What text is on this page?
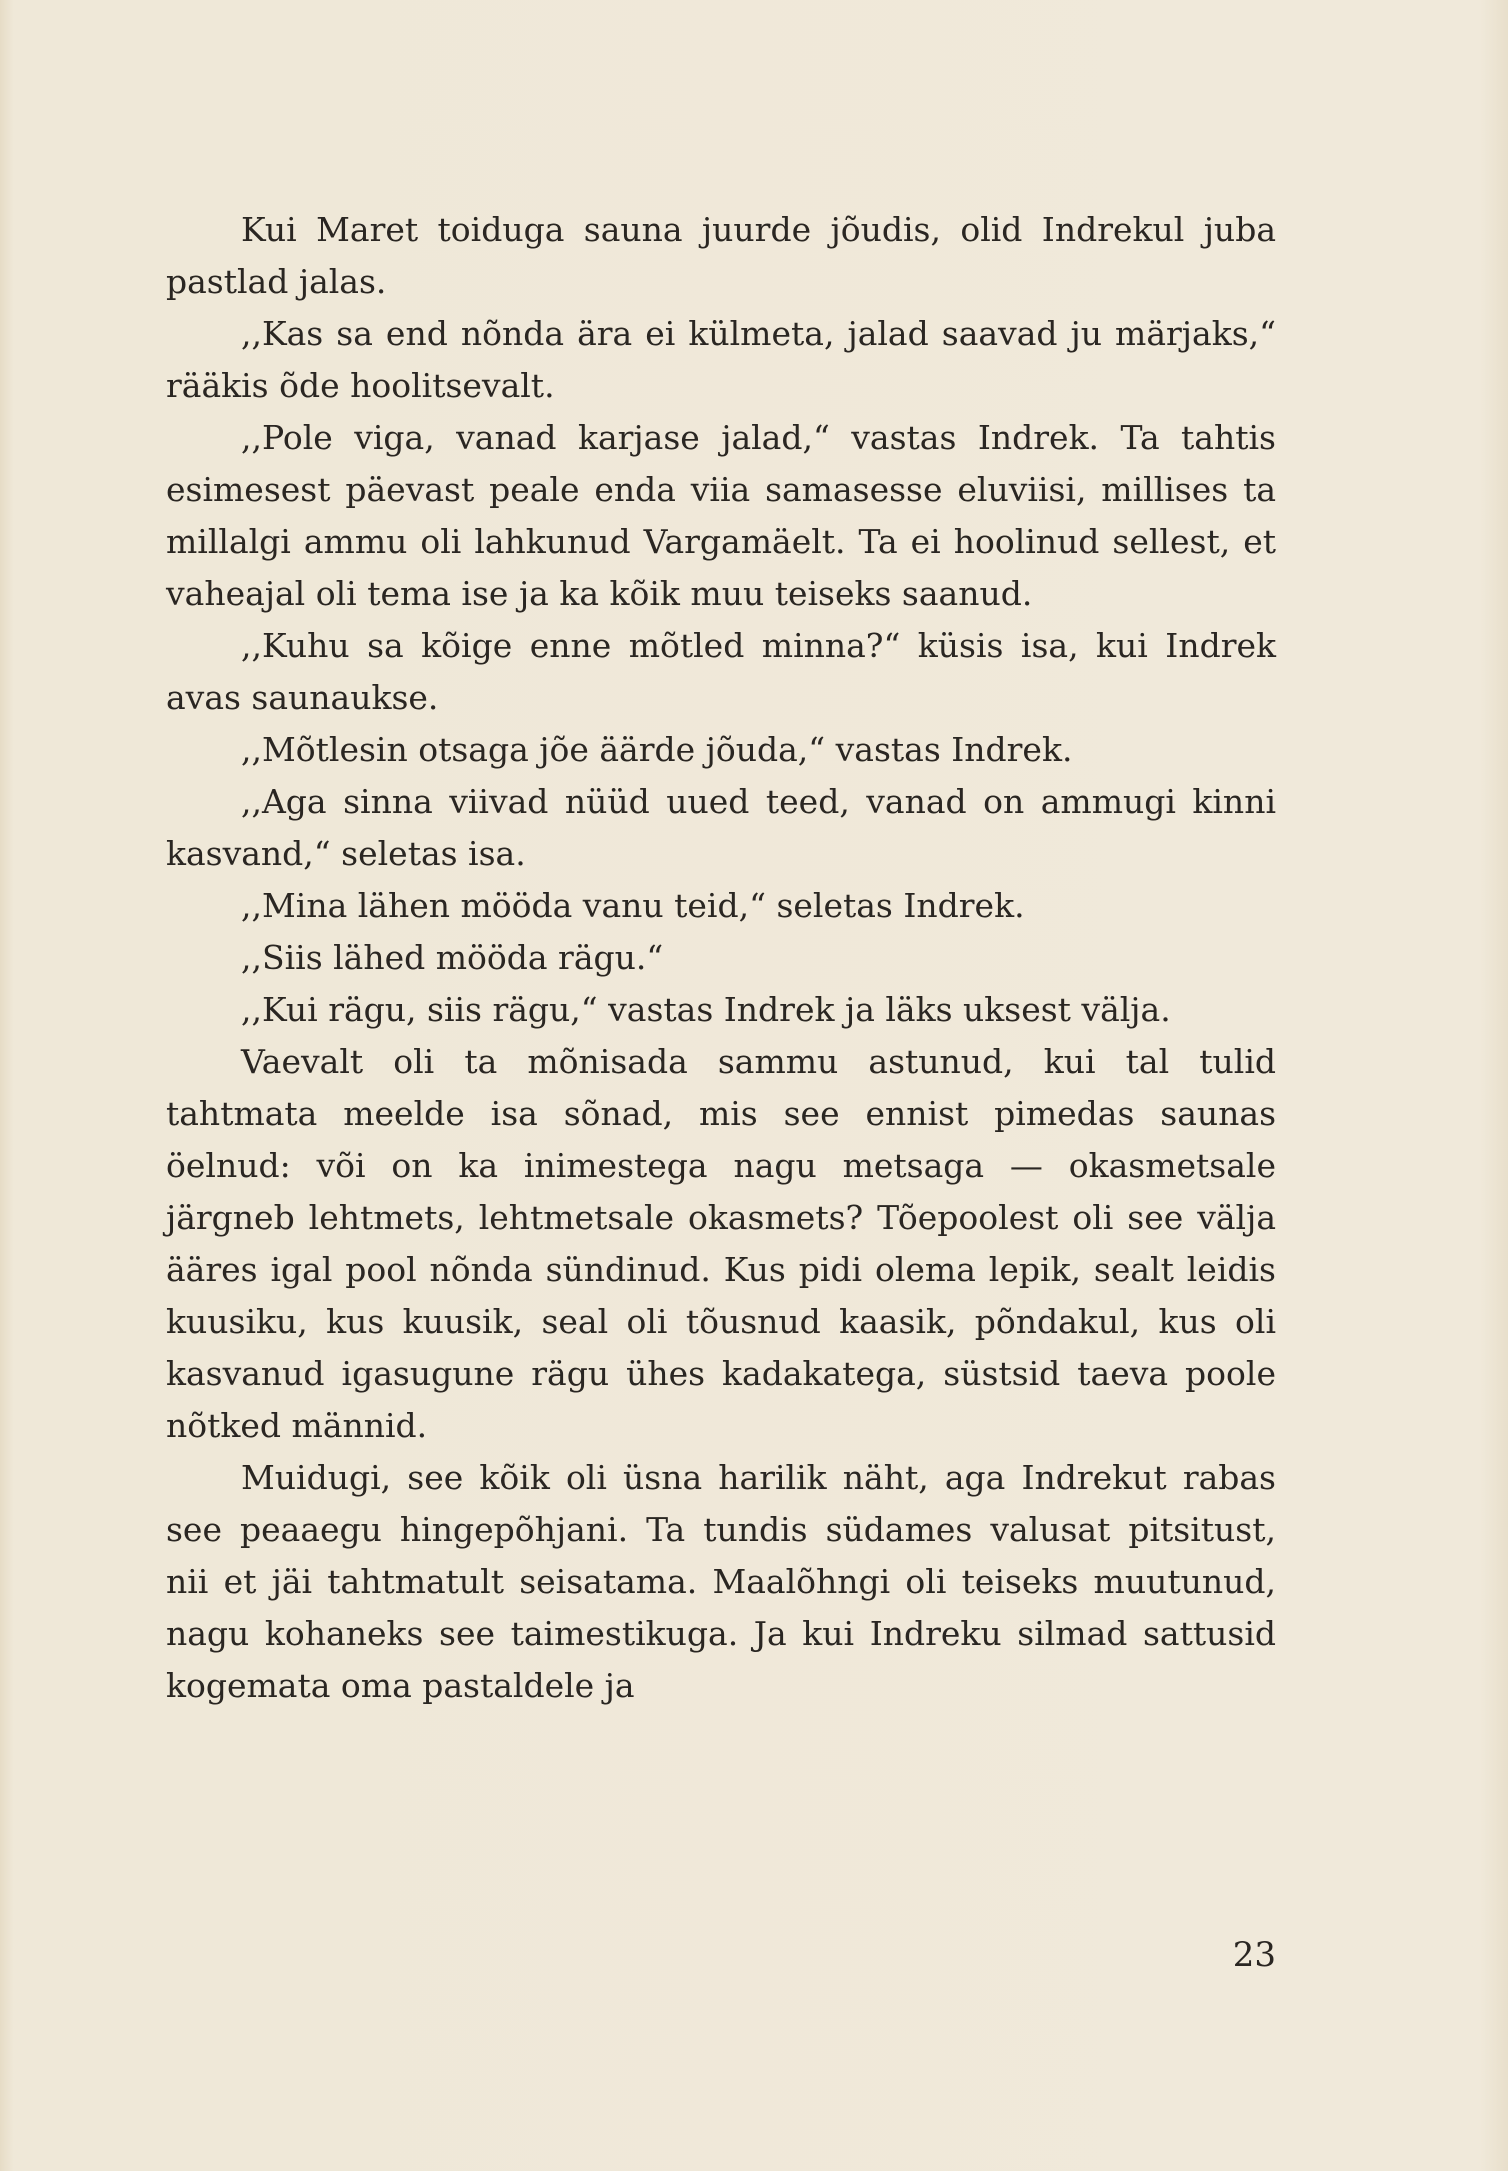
Kui Maret toiduga sauna juurde jõudis, olid Indrekul juba pastlad jalas.

,,Kas sa end nõnda ära ei külmeta, jalad saavad ju märjaks,“ rääkis õde hoolitsevalt.

,,Pole viga, vanad karjase jalad,“ vastas Indrek. Ta tahtis esimesest päevast peale enda viia samasesse eluviisi, millises ta millalgi ammu oli lahkunud Vargamäelt. Ta ei hoolinud sellest, et vaheajal oli tema ise ja ka kõik muu teiseks saanud.

,,Kuhu sa kõige enne mõtled minna?“ küsis isa, kui Indrek avas saunaukse.

,,Mõtlesin otsaga jõe äärde jõuda,“ vastas Indrek.

,,Aga sinna viivad nüüd uued teed, vanad on ammugi kinni kasvand,“ seletas isa.

,,Mina lähen mööda vanu teid,“ seletas Indrek.

,,Siis lähed mööda rägu.“

,,Kui rägu, siis rägu,“ vastas Indrek ja läks uksest välja.

Vaevalt oli ta mõnisada sammu astunud, kui tal tulid tahtmata meelde isa sõnad, mis see ennist pimedas saunas öelnud: või on ka inimestega nagu metsaga — okasmetsale järgneb lehtmets, lehtmetsale okasmets? Tõepoolest oli see välja ääres igal pool nõnda sündinud. Kus pidi olema lepik, sealt leidis kuusiku, kus kuusik, seal oli tõusnud kaasik, põndakul, kus oli kasvanud igasugune rägu ühes kadakatega, süstsid taeva poole nõtked männid.

Muidugi, see kõik oli üsna harilik näht, aga Indrekut rabas see peaaegu hingepõhjani. Ta tundis südames valusat pitsitust, nii et jäi tahtmatult seisatama. Maalõhngi oli teiseks muutunud, nagu kohaneks see taimestikuga. Ja kui Indreku silmad sattusid kogemata oma pastaldele ja

23
